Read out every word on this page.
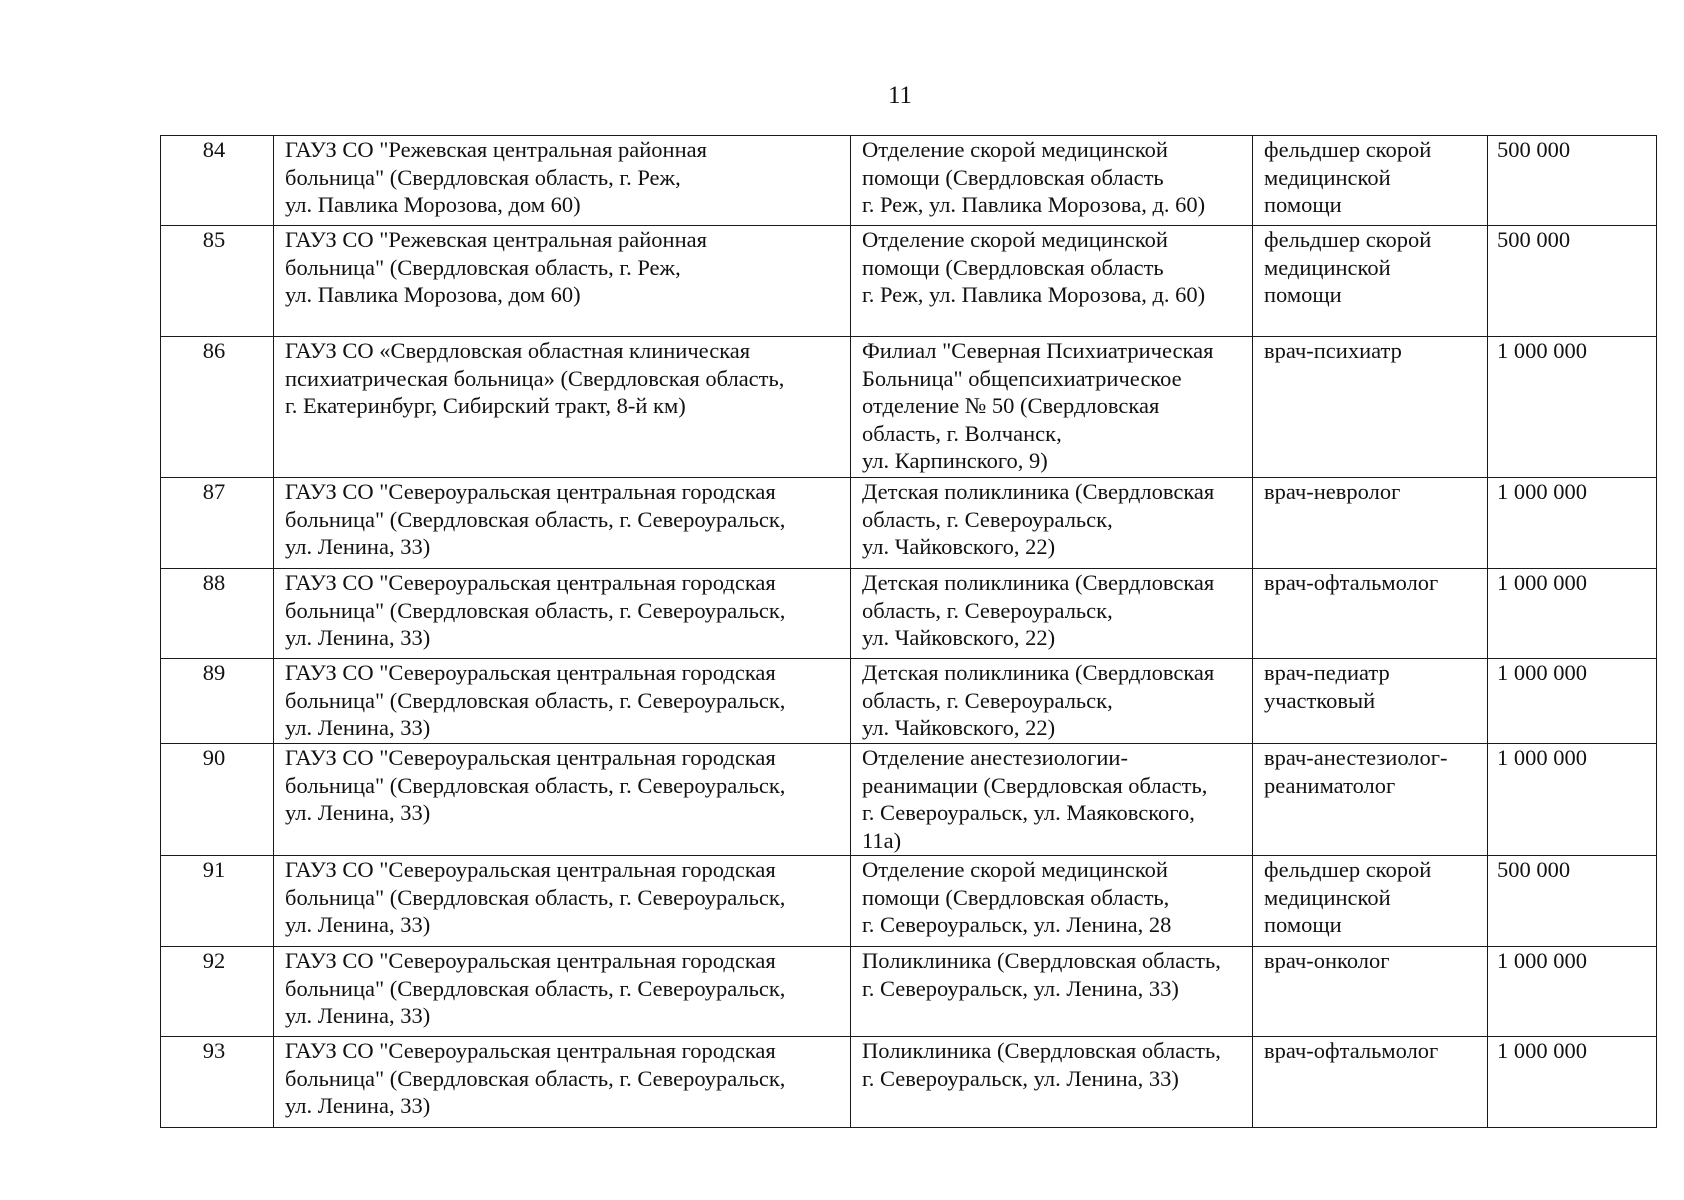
11
84	ГАУЗ СО "Режевская центральная районная
больница" (Свердловская область, г. Реж,
ул. Павлика Морозова, дом 60)	Отделение скорой медицинской
помощи (Свердловская область
г. Реж, ул. Павлика Морозова, д. 60)	фельдшер скорой
медицинской
помощи	500 000

85	ГАУЗ СО "Режевская центральная районная
больница" (Свердловская область, г. Реж,
ул. Павлика Морозова, дом 60)	Отделение скорой медицинской
помощи (Свердловская область
г. Реж, ул. Павлика Морозова, д. 60)	фельдшер скорой
медицинской
помощи	500 000

86	ГАУЗ СО «Свердловская областная клиническая
психиатрическая больница» (Свердловская область,
г. Екатеринбург, Сибирский тракт, 8-й км)	Филиал "Северная Психиатрическая
Больница" общепсихиатрическое
отделение № 50 (Свердловская
область, г. Волчанск,
ул. Карпинского, 9)	врач-психиатр	1 000 000

87	ГАУЗ СО "Североуральская центральная городская
больница" (Свердловская область, г. Североуральск,
ул. Ленина, 33)	Детская поликлиника (Свердловская
область, г. Североуральск,
ул. Чайковского, 22)	врач-невролог	1 000 000

88	ГАУЗ СО "Североуральская центральная городская
больница" (Свердловская область, г. Североуральск,
ул. Ленина, 33)	Детская поликлиника (Свердловская
область, г. Североуральск,
ул. Чайковского, 22)	врач-офтальмолог	1 000 000

89	ГАУЗ СО "Североуральская центральная городская
больница" (Свердловская область, г. Североуральск,
ул. Ленина, 33)	Детская поликлиника (Свердловская
область, г. Североуральск,
ул. Чайковского, 22)	врач-педиатр
участковый	1 000 000

90	ГАУЗ СО "Североуральская центральная городская
больница" (Свердловская область, г. Североуральск,
ул. Ленина, 33)	Отделение анестезиологии-
реанимации (Свердловская область,
г. Североуральск, ул. Маяковского,
11а)	врач-анестезиолог-
реаниматолог	1 000 000

91	ГАУЗ СО "Североуральская центральная городская
больница" (Свердловская область, г. Североуральск,
ул. Ленина, 33)	Отделение скорой медицинской
помощи (Свердловская область,
г. Североуральск, ул. Ленина, 28	фельдшер скорой
медицинской
помощи	500 000

92	ГАУЗ СО "Североуральская центральная городская
больница" (Свердловская область, г. Североуральск,
ул. Ленина, 33)	Поликлиника (Свердловская область,
г. Североуральск, ул. Ленина, 33)	врач-онколог	1 000 000

93	ГАУЗ СО "Североуральская центральная городская
больница" (Свердловская область, г. Североуральск,
ул. Ленина, 33)	Поликлиника (Свердловская область,
г. Североуральск, ул. Ленина, 33)	врач-офтальмолог	1 000 000
